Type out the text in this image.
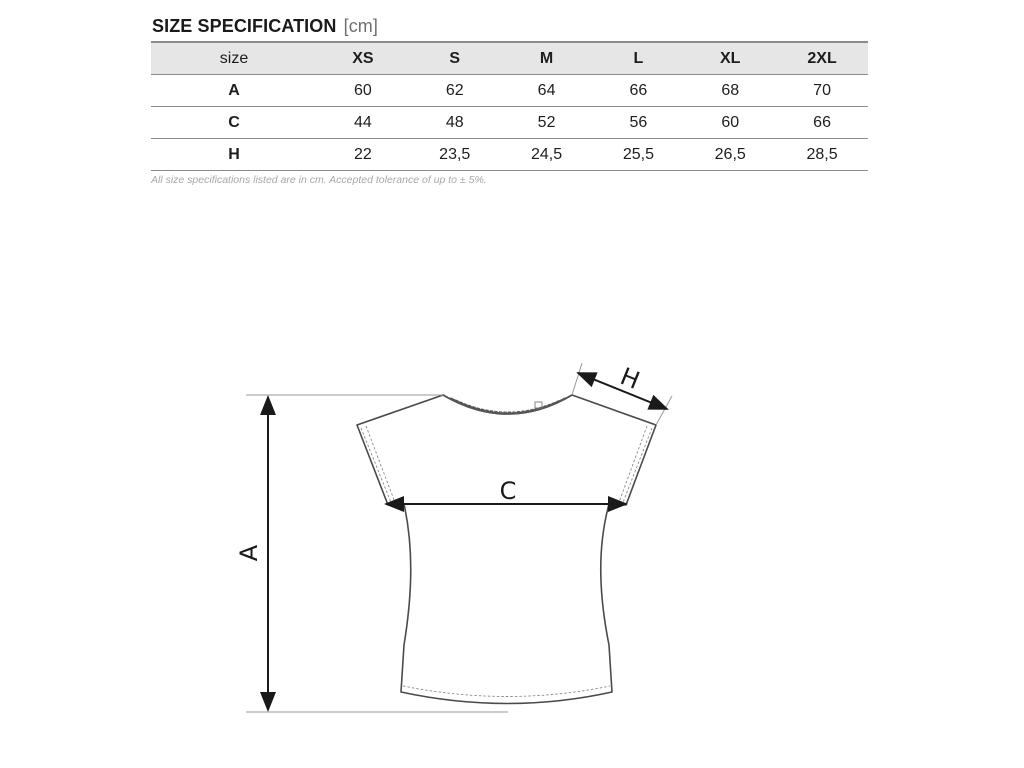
SIZE SPECIFICATION [cm]
size	XS	S	M	L	XL	2XL
A	60	62	64	66	68	70
C	44	48	52	56	60	66
H	22	23,5	24,5	25,5	26,5	28,5
All size specifications listed are in cm. Accepted tolerance of up to ± 5%.
A
C
H
